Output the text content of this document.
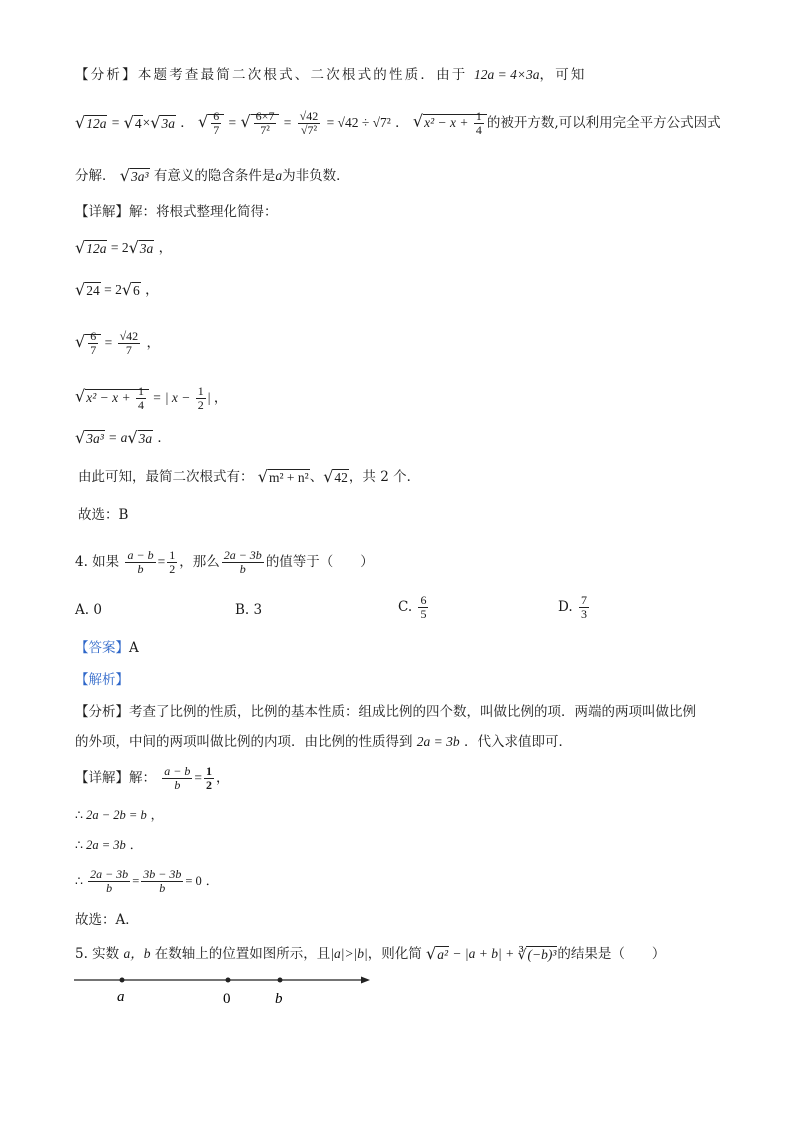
【分析】本题考查最简二次根式、二次根式的性质．由于 12a = 4×3a，可知
√12a = √4×√3a ． √ $\frac{6}{7}$ = √ $\frac{6\times 7}{\text{7²}} = \frac{√42}{\text{√7²}} = √42 \div √7^2$ ． $√x^2 - x + \frac{1}{4}$ 的被开方数,可以利用完全平方公式因式
分解． √3a³ 有意义的隐含条件是a为非负数．
【详解】解：将根式整理化简得：
√12a = 2√3a ，
√24 = 2√6 ，
√ $\frac{6}{7} = \frac{√42}{7}$ ，
$√x^2 - x + \frac{1}{4}$ = | $x - \frac{1}{2}$ | ，
√3a³ = a√3a ．
由此可知，最简二次根式有： √m² + n²、√42，共 2 个．
故选：B
4. 如果 $\frac{a - b}{b} = \frac{1}{2}$ ，那么 $\frac{2a - 3b}{b}$ 的值等于（　　）
A. 0	B. 3	C. $\frac{6}{5}$	D. $\frac{7}{3}$
【答案】A
【解析】
【分析】考查了比例的性质，比例的基本性质：组成比例的四个数，叫做比例的项．两端的两项叫做比例
的外项，中间的两项叫做比例的内项．由比例的性质得到 2a = 3b ．代入求值即可．
【详解】解： $\frac{a - b}{b} = \frac{1}{2}$ ，
∴ 2a − 2b = b ，
∴ 2a = 3b ．
∴ $\frac{2a - 3b}{b} = \frac{3b - 3b}{b} = 0$ ．
故选：A．
5. 实数 a，b 在数轴上的位置如图所示，且|a|>|b|，则化简 √a² − |a + b| + ∛(−b)³的结果是（　　）
a	0	b
